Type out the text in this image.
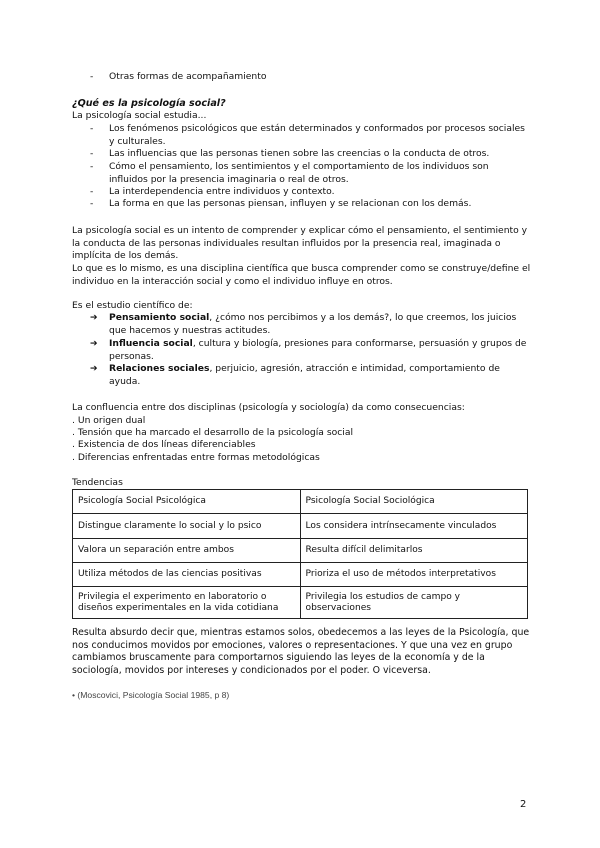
- Otras formas de acompañamiento
¿Qué es la psicología social?
La psicología social estudia...
- Los fenómenos psicológicos que están determinados y conformados por procesos sociales y culturales.
- Las influencias que las personas tienen sobre las creencias o la conducta de otros.
- Cómo el pensamiento, los sentimientos y el comportamiento de los individuos son influidos por la presencia imaginaria o real de otros.
- La interdependencia entre individuos y contexto.
- La forma en que las personas piensan, influyen y se relacionan con los demás.
La psicología social es un intento de comprender y explicar cómo el pensamiento, el sentimiento y la conducta de las personas individuales resultan influidos por la presencia real, imaginada o implícita de los demás.
Lo que es lo mismo, es una disciplina científica que busca comprender como se construye/define el individuo en la interacción social y como el individuo influye en otros.
Es el estudio científico de:
➔ Pensamiento social, ¿cómo nos percibimos y a los demás?, lo que creemos, los juicios que hacemos y nuestras actitudes.
➔ Influencia social, cultura y biología, presiones para conformarse, persuasión y grupos de personas.
➔ Relaciones sociales, perjuicio, agresión, atracción e intimidad, comportamiento de ayuda.
La confluencia entre dos disciplinas (psicología y sociología) da como consecuencias:
. Un origen dual
. Tensión que ha marcado el desarrollo de la psicología social
. Existencia de dos líneas diferenciables
. Diferencias enfrentadas entre formas metodológicas
Tendencias
Psicología Social Psicológica	Psicología Social Sociológica
Distingue claramente lo social y lo psico	Los considera intrínsecamente vinculados
Valora un separación entre ambos	Resulta difícil delimitarlos
Utiliza métodos de las ciencias positivas	Prioriza el uso de métodos interpretativos
Privilegia el experimento en laboratorio o diseños experimentales en la vida cotidiana	Privilegia los estudios de campo y observaciones
Resulta absurdo decir que, mientras estamos solos, obedecemos a las leyes de la Psicología, que nos conducimos movidos por emociones, valores o representaciones. Y que una vez en grupo cambiamos bruscamente para comportarnos siguiendo las leyes de la economía y de la sociología, movidos por intereses y condicionados por el poder. O viceversa.
• (Moscovici, Psicología Social 1985, p 8)
2
